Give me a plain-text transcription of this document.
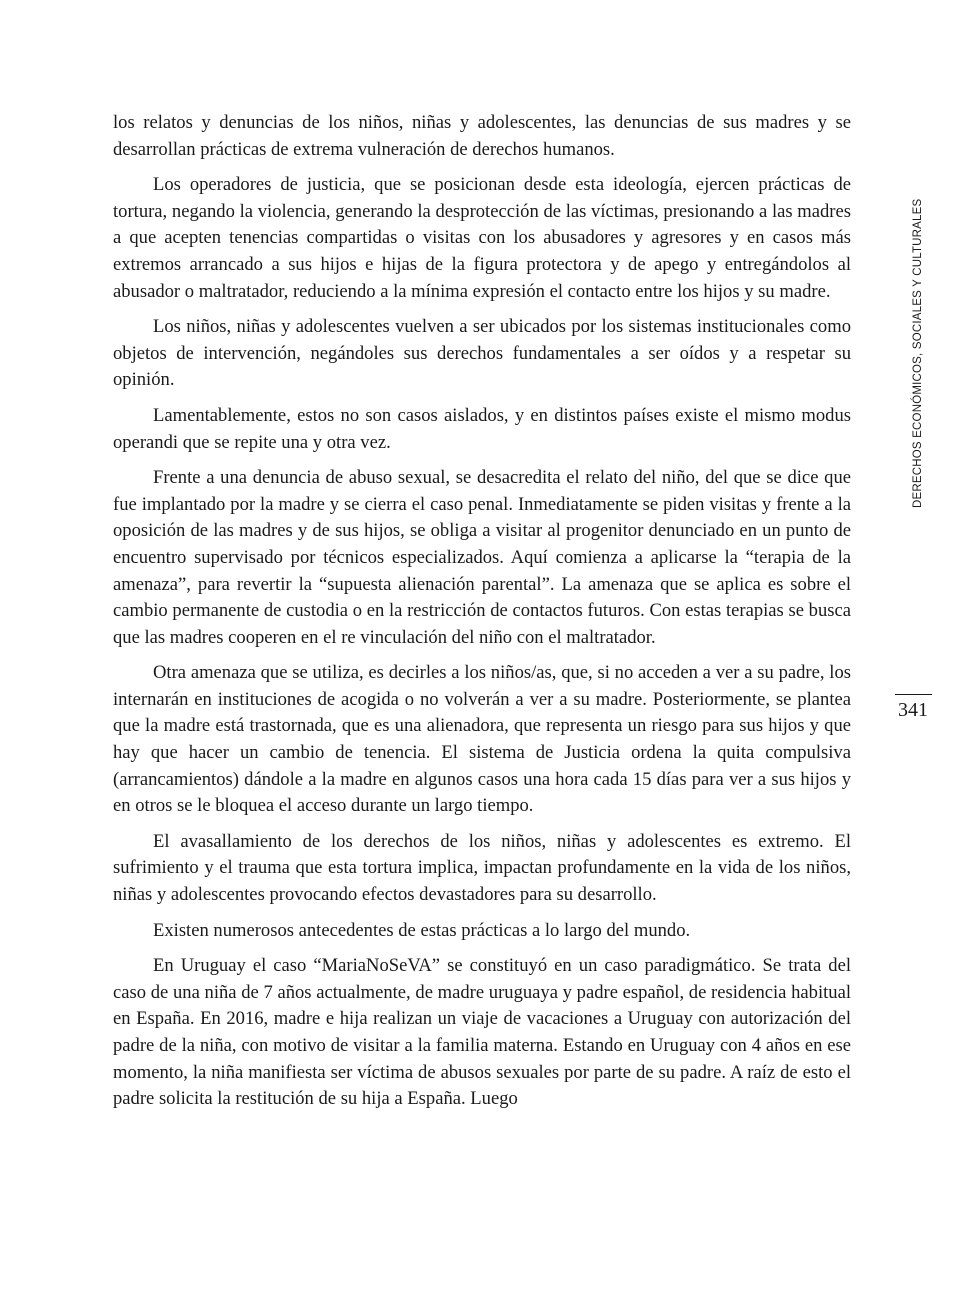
los relatos y denuncias de los niños, niñas y adolescentes, las denuncias de sus madres y se desarrollan prácticas de extrema vulneración de derechos humanos.

Los operadores de justicia, que se posicionan desde esta ideología, ejercen prácticas de tortura, negando la violencia, generando la desprotección de las víctimas, presionando a las madres a que acepten tenencias compartidas o visitas con los abusadores y agresores y en casos más extremos arrancado a sus hijos e hijas de la figura protectora y de apego y entregándolos al abusador o maltratador, reduciendo a la mínima expresión el contacto entre los hijos y su madre.

Los niños, niñas y adolescentes vuelven a ser ubicados por los sistemas institucionales como objetos de intervención, negándoles sus derechos fundamentales a ser oídos y a respetar su opinión.

Lamentablemente, estos no son casos aislados, y en distintos países existe el mismo modus operandi que se repite una y otra vez.

Frente a una denuncia de abuso sexual, se desacredita el relato del niño, del que se dice que fue implantado por la madre y se cierra el caso penal. Inmediatamente se piden visitas y frente a la oposición de las madres y de sus hijos, se obliga a visitar al progenitor denunciado en un punto de encuentro supervisado por técnicos especializados. Aquí comienza a aplicarse la “terapia de la amenaza”, para revertir la “supuesta alienación parental”. La amenaza que se aplica es sobre el cambio permanente de custodia o en la restricción de contactos futuros. Con estas terapias se busca que las madres cooperen en el re vinculación del niño con el maltratador.

Otra amenaza que se utiliza, es decirles a los niños/as, que, si no acceden a ver a su padre, los internarán en instituciones de acogida o no volverán a ver a su madre. Posteriormente, se plantea que la madre está trastornada, que es una alienadora, que representa un riesgo para sus hijos y que hay que hacer un cambio de tenencia. El sistema de Justicia ordena la quita compulsiva (arrancamientos) dándole a la madre en algunos casos una hora cada 15 días para ver a sus hijos y en otros se le bloquea el acceso durante un largo tiempo.

El avasallamiento de los derechos de los niños, niñas y adolescentes es extremo. El sufrimiento y el trauma que esta tortura implica, impactan profundamente en la vida de los niños, niñas y adolescentes provocando efectos devastadores para su desarrollo.

Existen numerosos antecedentes de estas prácticas a lo largo del mundo.

En Uruguay el caso “MariaNoSeVA” se constituyó en un caso paradigmático. Se trata del caso de una niña de 7 años actualmente, de madre uruguaya y padre español, de residencia habitual en España. En 2016, madre e hija realizan un viaje de vacaciones a Uruguay con autorización del padre de la niña, con motivo de visitar a la familia materna. Estando en Uruguay con 4 años en ese momento, la niña manifiesta ser víctima de abusos sexuales por parte de su padre. A raíz de esto el padre solicita la restitución de su hija a España. Luego

DERECHOS ECONÓMICOS, SOCIALES Y CULTURALES
341
